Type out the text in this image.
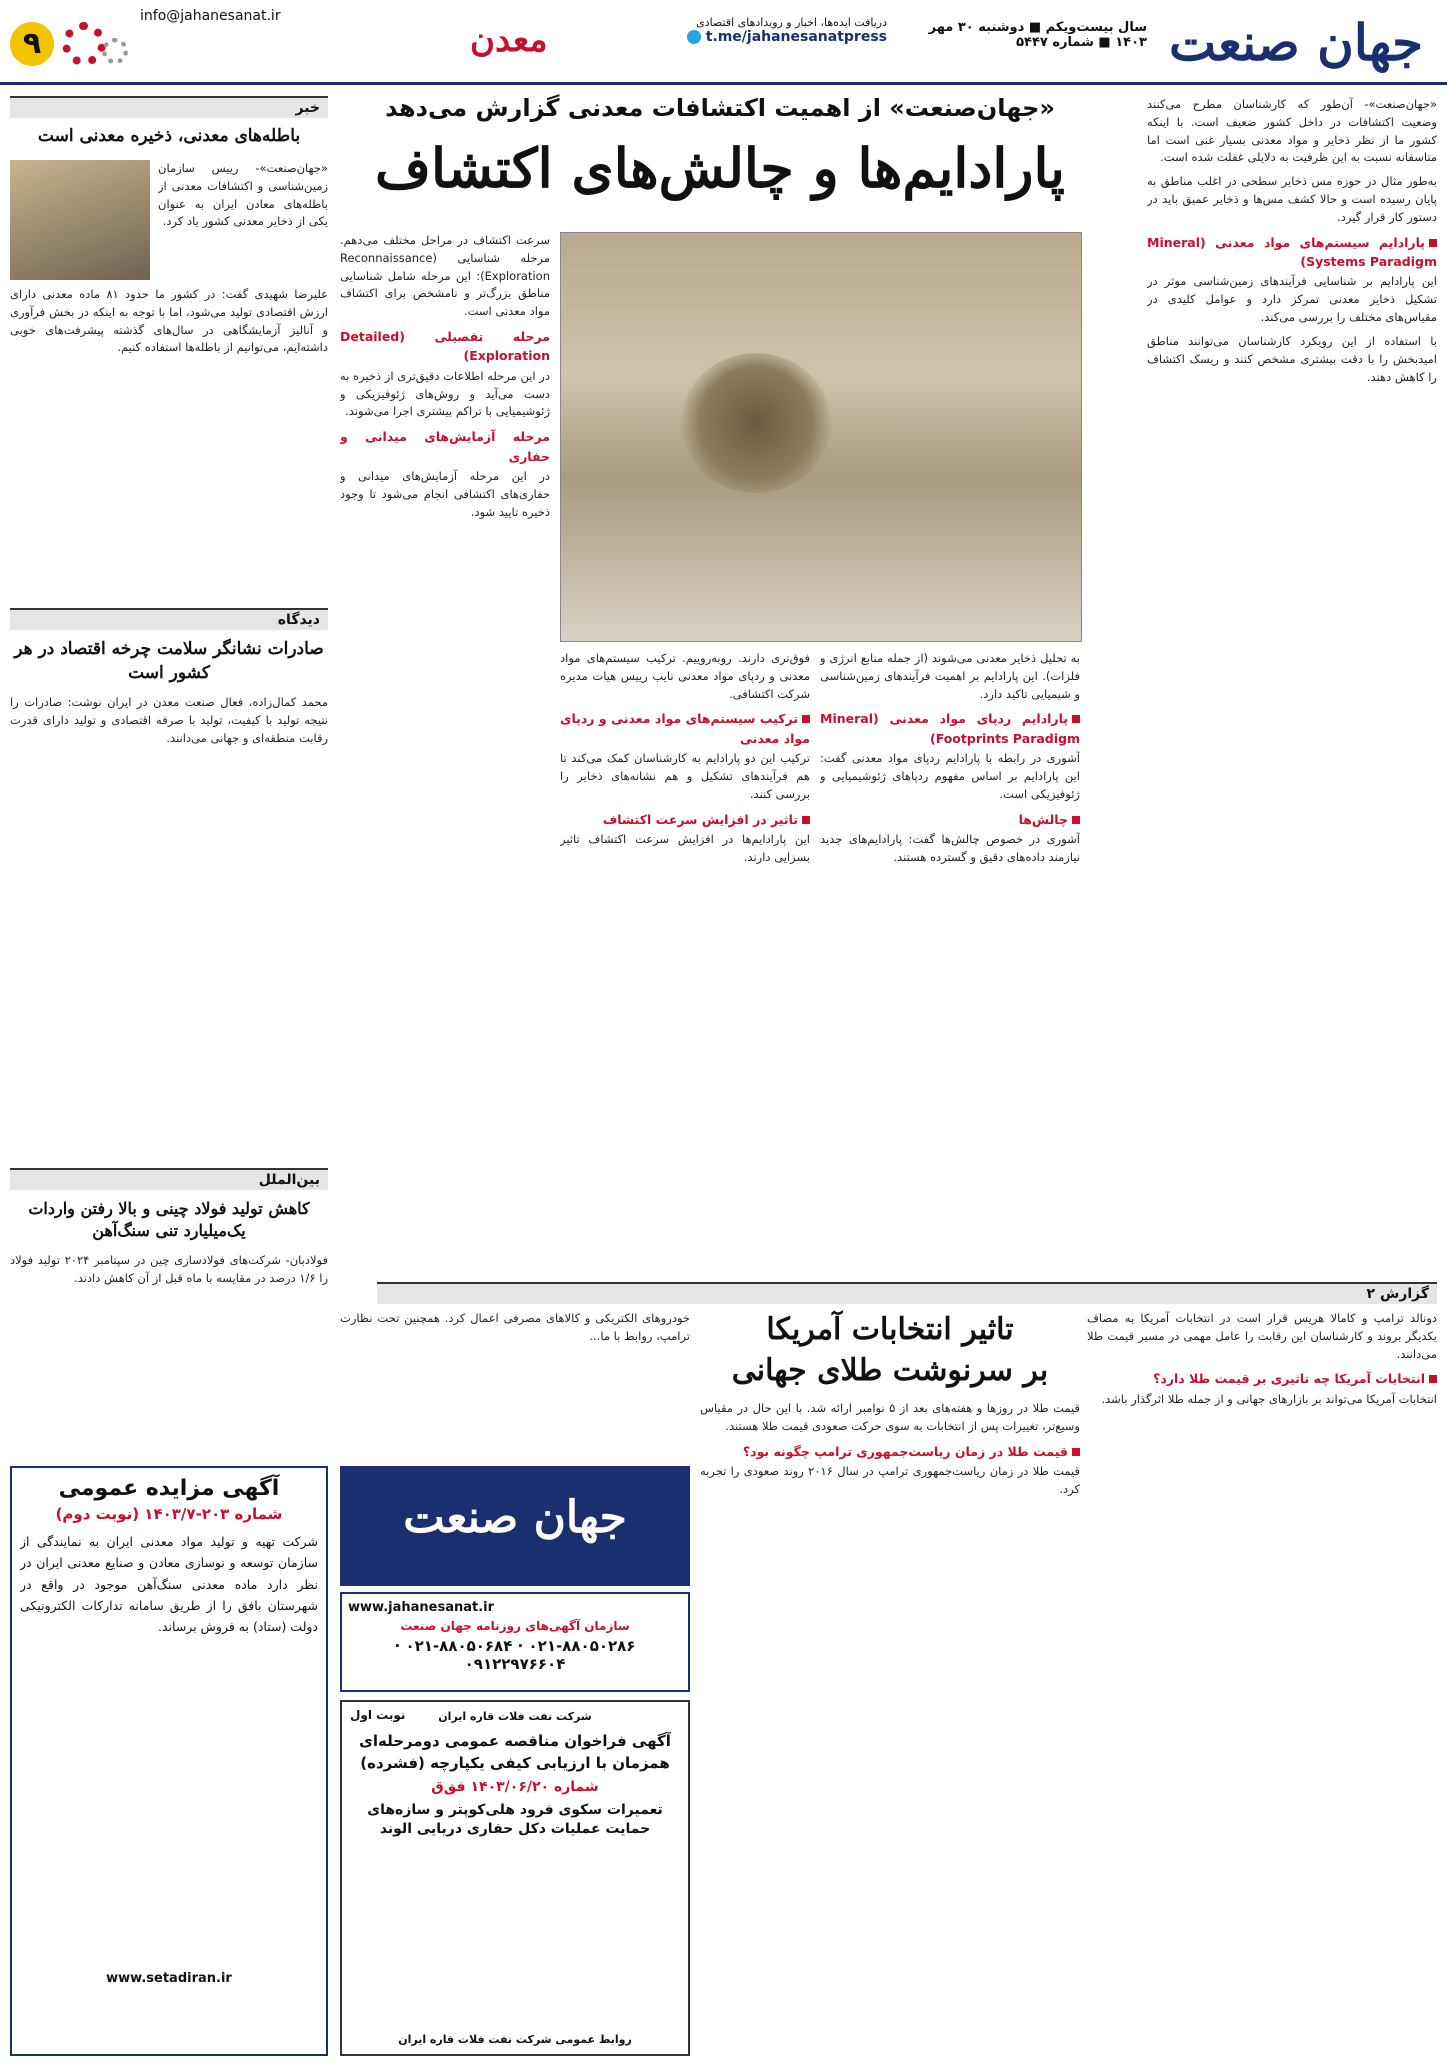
جهان صنعت
سال بیست‌ویکم ■ دوشنبه ۳۰ مهر ۱۴۰۳ ■ شماره ۵۴۴۷
دریافت ایده‌ها، اخبار و رویدادهای اقتصادی
t.me/jahanesanatpress
معدن
info@jahanesanat.ir
۹
«جهان‌صنعت» از اهمیت اکتشافات معدنی گزارش می‌دهد
پارادایم‌ها و چالش‌های اکتشاف

«جهان‌صنعت»- آن‌طور که کارشناسان مطرح می‌کنند وضعیت اکتشافات در داخل کشور ضعیف است. با اینکه کشور ما از نظر ذخایر و مواد معدنی بسیار غنی است اما متاسفانه نسبت به این ظرفیت به دلایلی غفلت شده است.

به‌طور مثال در حوزه مس ذخایر سطحی در اغلب مناطق به پایان رسیده است و حالا کشف مس‌ها و ذخایر عمیق باید در دستور کار قرار گیرد.

پارادایم سیستم‌های مواد معدنی (Mineral Systems Paradigm)

این پارادایم بر شناسایی فرآیندهای زمین‌شناسی موثر در تشکیل ذخایر معدنی تمرکز دارد و عوامل کلیدی در مقیاس‌های مختلف را بررسی می‌کند.

با استفاده از این رویکرد کارشناسان می‌توانند مناطق امیدبخش را با دقت بیشتری مشخص کنند و ریسک اکتشاف را کاهش دهند.

سرعت اکتشاف در مراحل مختلف می‌دهم. مرحله شناسایی (Reconnaissance Exploration): این مرحله شامل شناسایی مناطق بزرگ‌تر و نامشخص برای اکتشاف مواد معدنی است.

مرحله تفصیلی (Detailed Exploration)

در این مرحله اطلاعات دقیق‌تری از ذخیره به دست می‌آید و روش‌های ژئوفیزیکی و ژئوشیمیایی با تراکم بیشتری اجرا می‌شوند.

مرحله آزمایش‌های میدانی و حفاری

در این مرحله آزمایش‌های میدانی و حفاری‌های اکتشافی انجام می‌شود تا وجود ذخیره تایید شود.

به تحلیل ذخایر معدنی می‌شوند (از جمله منابع انرژی و فلزات). این پارادایم بر اهمیت فرآیندهای زمین‌شناسی و شیمیایی تاکید دارد.

پارادایم ردپای مواد معدنی (Mineral Footprints Paradigm)

آشوری در رابطه با پارادایم ردپای مواد معدنی گفت: این پارادایم بر اساس مفهوم ردپاهای ژئوشیمیایی و ژئوفیزیکی است.

چالش‌ها

آشوری در خصوص چالش‌ها گفت: پارادایم‌های جدید نیازمند داده‌های دقیق و گسترده هستند.

فوق‌تری دارند. روبه‌روییم. ترکیب سیستم‌های مواد معدنی و ردپای مواد معدنی نایب رییس هیات مدیره شرکت اکتشافی.

ترکیب سیستم‌های مواد معدنی و ردپای مواد معدنی

ترکیب این دو پارادایم به کارشناسان کمک می‌کند تا هم فرآیندهای تشکیل و هم نشانه‌های ذخایر را بررسی کنند.

تاثیر در افزایش سرعت اکتشاف

این پارادایم‌ها در افزایش سرعت اکتشاف تاثیر بسزایی دارند.

گزارش ۲
تاثیر انتخابات آمریکا
بر سرنوشت طلای جهانی

دونالد ترامپ و کامالا هریس قرار است در انتخابات آمریکا به مصاف یکدیگر بروند و کارشناسان این رقابت را عامل مهمی در مسیر قیمت طلا می‌دانند.

انتخابات آمریکا چه تاثیری بر قیمت طلا دارد؟

انتخابات آمریکا می‌تواند بر بازارهای جهانی و از جمله طلا اثرگذار باشد.

قیمت طلا در روزها و هفته‌های بعد از ۵ نوامبر ارائه شد. با این حال در مقیاس وسیع‌تر، تغییرات پس از انتخابات به سوی حرکت صعودی قیمت طلا هستند.

قیمت طلا در زمان ریاست‌جمهوری ترامپ چگونه بود؟

قیمت طلا در زمان ریاست‌جمهوری ترامپ در سال ۲۰۱۶ روند صعودی را تجربه کرد.

خودروهای الکتریکی و کالاهای مصرفی اعمال کرد. همچنین تحت نظارت ترامپ، روابط با ما...

خبر
باطله‌های معدنی، ذخیره معدنی است
«جهان‌صنعت»- رییس سازمان زمین‌شناسی و اکتشافات معدنی از باطله‌های معادن ایران به عنوان یکی از ذخایر معدنی کشور یاد کرد.

علیرضا شهیدی گفت: در کشور ما حدود ۸۱ ماده معدنی دارای ارزش اقتصادی تولید می‌شود، اما با توجه به اینکه در بخش فرآوری و آنالیز آزمایشگاهی در سال‌های گذشته پیشرفت‌های خوبی داشته‌ایم، می‌توانیم از باطله‌ها استفاده کنیم.

دیدگاه
صادرات نشانگر سلامت چرخه اقتصاد در هر کشور است

محمد کمال‌زاده، فعال صنعت معدن در ایران نوشت: صادرات را نتیجه تولید با کیفیت، تولید با صرفه اقتصادی و تولید دارای قدرت رقابت منطقه‌ای و جهانی می‌دانند.

بین‌الملل
کاهش تولید فولاد چینی و بالا رفتن واردات یک‌میلیارد تنی سنگ‌آهن

فولادبان- شرکت‌های فولادسازی چین در سپتامبر ۲۰۲۴ تولید فولاد را ۱/۶ درصد در مقایسه با ماه قبل از آن کاهش دادند.

آگهی مزایده عمومی
شماره ۲۰۳-۱۴۰۳/۷ (نوبت دوم)
شرکت تهیه و تولید مواد معدنی ایران به نمایندگی از سازمان توسعه و نوسازی معادن و صنایع معدنی ایران در نظر دارد ماده معدنی سنگ‌آهن موجود در واقع در شهرستان بافق را از طریق سامانه تدارکات الکترونیکی دولت (ستاد) به فروش برساند.
www.setadiran.ir
جهان صنعت
www.jahanesanat.ir
سازمان آگهی‌های روزنامه جهان صنعت
۰۲۱-۸۸۰۵۰۲۸۶ · ۰۲۱-۸۸۰۵۰۶۸۴ · ۰۹۱۲۲۹۷۶۶۰۴
نوبت اول	شرکت نفت فلات قاره ایران
آگهی فراخوان مناقصه عمومی دومرحله‌ای همزمان با ارزیابی کیفی یکپارچه (فشرده)
شماره ۱۴۰۳/۰۶/۲۰ فق‌ق
تعمیرات سکوی فرود هلی‌کوپتر و سازه‌های حمایت عملیات دکل حفاری دریایی الوند
روابط عمومی شرکت نفت فلات قاره ایران
